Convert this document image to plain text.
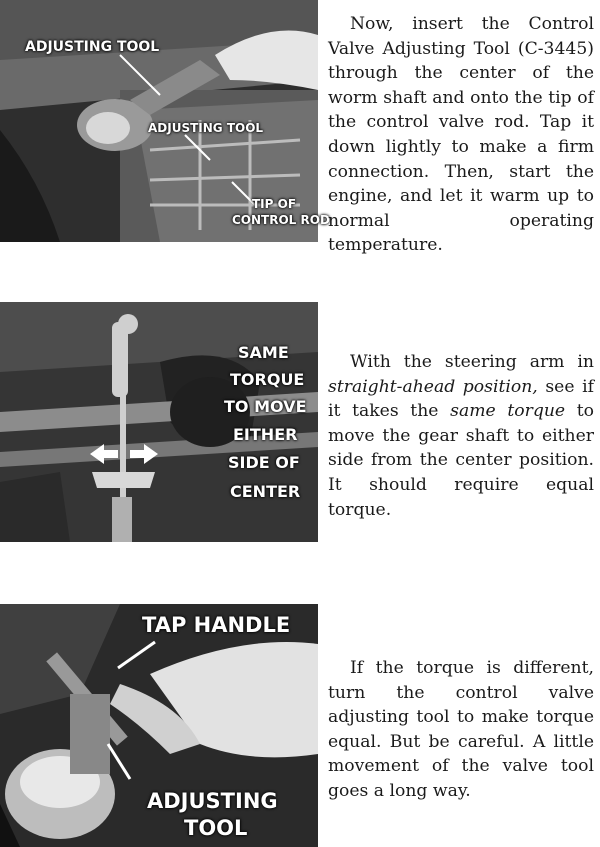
ADJUSTING TOOL
ADJUSTING TOOL
TIP OF
CONTROL ROD

Now, insert the Control Valve Adjusting Tool (C-3445) through the center of the worm shaft and onto the tip of the control valve rod. Tap it down lightly to make a firm connection. Then, start the engine, and let it warm up to normal operating temperature.

SAME
TORQUE
TO MOVE
EITHER
SIDE OF
CENTER

With the steering arm in straight-ahead position, see if it takes the same torque to move the gear shaft to either side from the center position. It should require equal torque.

TAP HANDLE
ADJUSTING
TOOL

If the torque is different, turn the control valve adjusting tool to make torque equal. But be careful. A little movement of the valve tool goes a long way.
